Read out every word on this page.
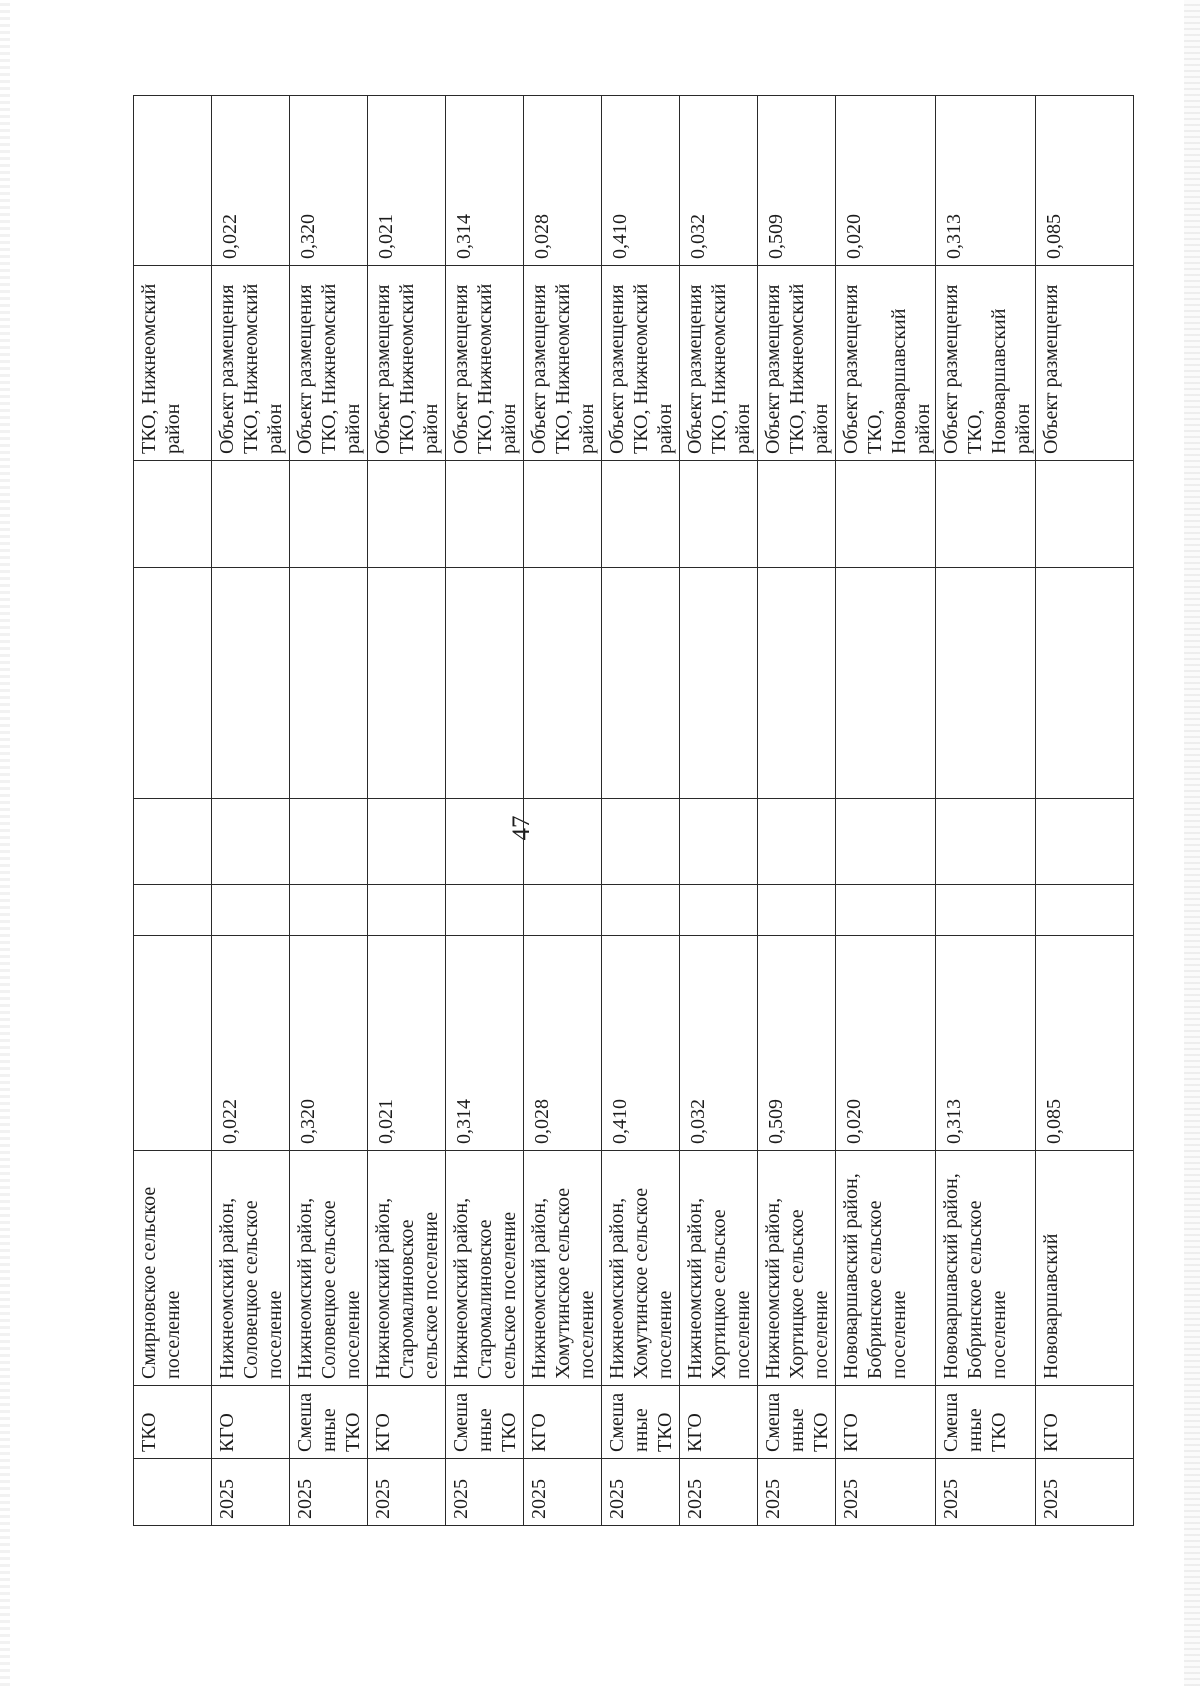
47
	ТКО	Смирновское сельское поселение						ТКО, Нижнеомский район	
2025	КГО	Нижнеомский район, Соловецкое сельское поселение	0,022					Объект размещения ТКО, Нижнеомский район	0,022
2025	Смешанные ТКО	Нижнеомский район, Соловецкое сельское поселение	0,320					Объект размещения ТКО, Нижнеомский район	0,320
2025	КГО	Нижнеомский район, Старомалиновское сельское поселение	0,021					Объект размещения ТКО, Нижнеомский район	0,021
2025	Смешанные ТКО	Нижнеомский район, Старомалиновское сельское поселение	0,314					Объект размещения ТКО, Нижнеомский район	0,314
2025	КГО	Нижнеомский район, Хомутинское сельское поселение	0,028					Объект размещения ТКО, Нижнеомский район	0,028
2025	Смешанные ТКО	Нижнеомский район, Хомутинское сельское поселение	0,410					Объект размещения ТКО, Нижнеомский район	0,410
2025	КГО	Нижнеомский район, Хортицкое сельское поселение	0,032					Объект размещения ТКО, Нижнеомский район	0,032
2025	Смешанные ТКО	Нижнеомский район, Хортицкое сельское поселение	0,509					Объект размещения ТКО, Нижнеомский район	0,509
2025	КГО	Нововаршавский район, Бобринское сельское поселение	0,020					Объект размещения ТКО, Нововаршавский район	0,020
2025	Смешанные ТКО	Нововаршавский район, Бобринское сельское поселение	0,313					Объект размещения ТКО, Нововаршавский район	0,313
2025	КГО	Нововаршавский	0,085					Объект размещения	0,085
